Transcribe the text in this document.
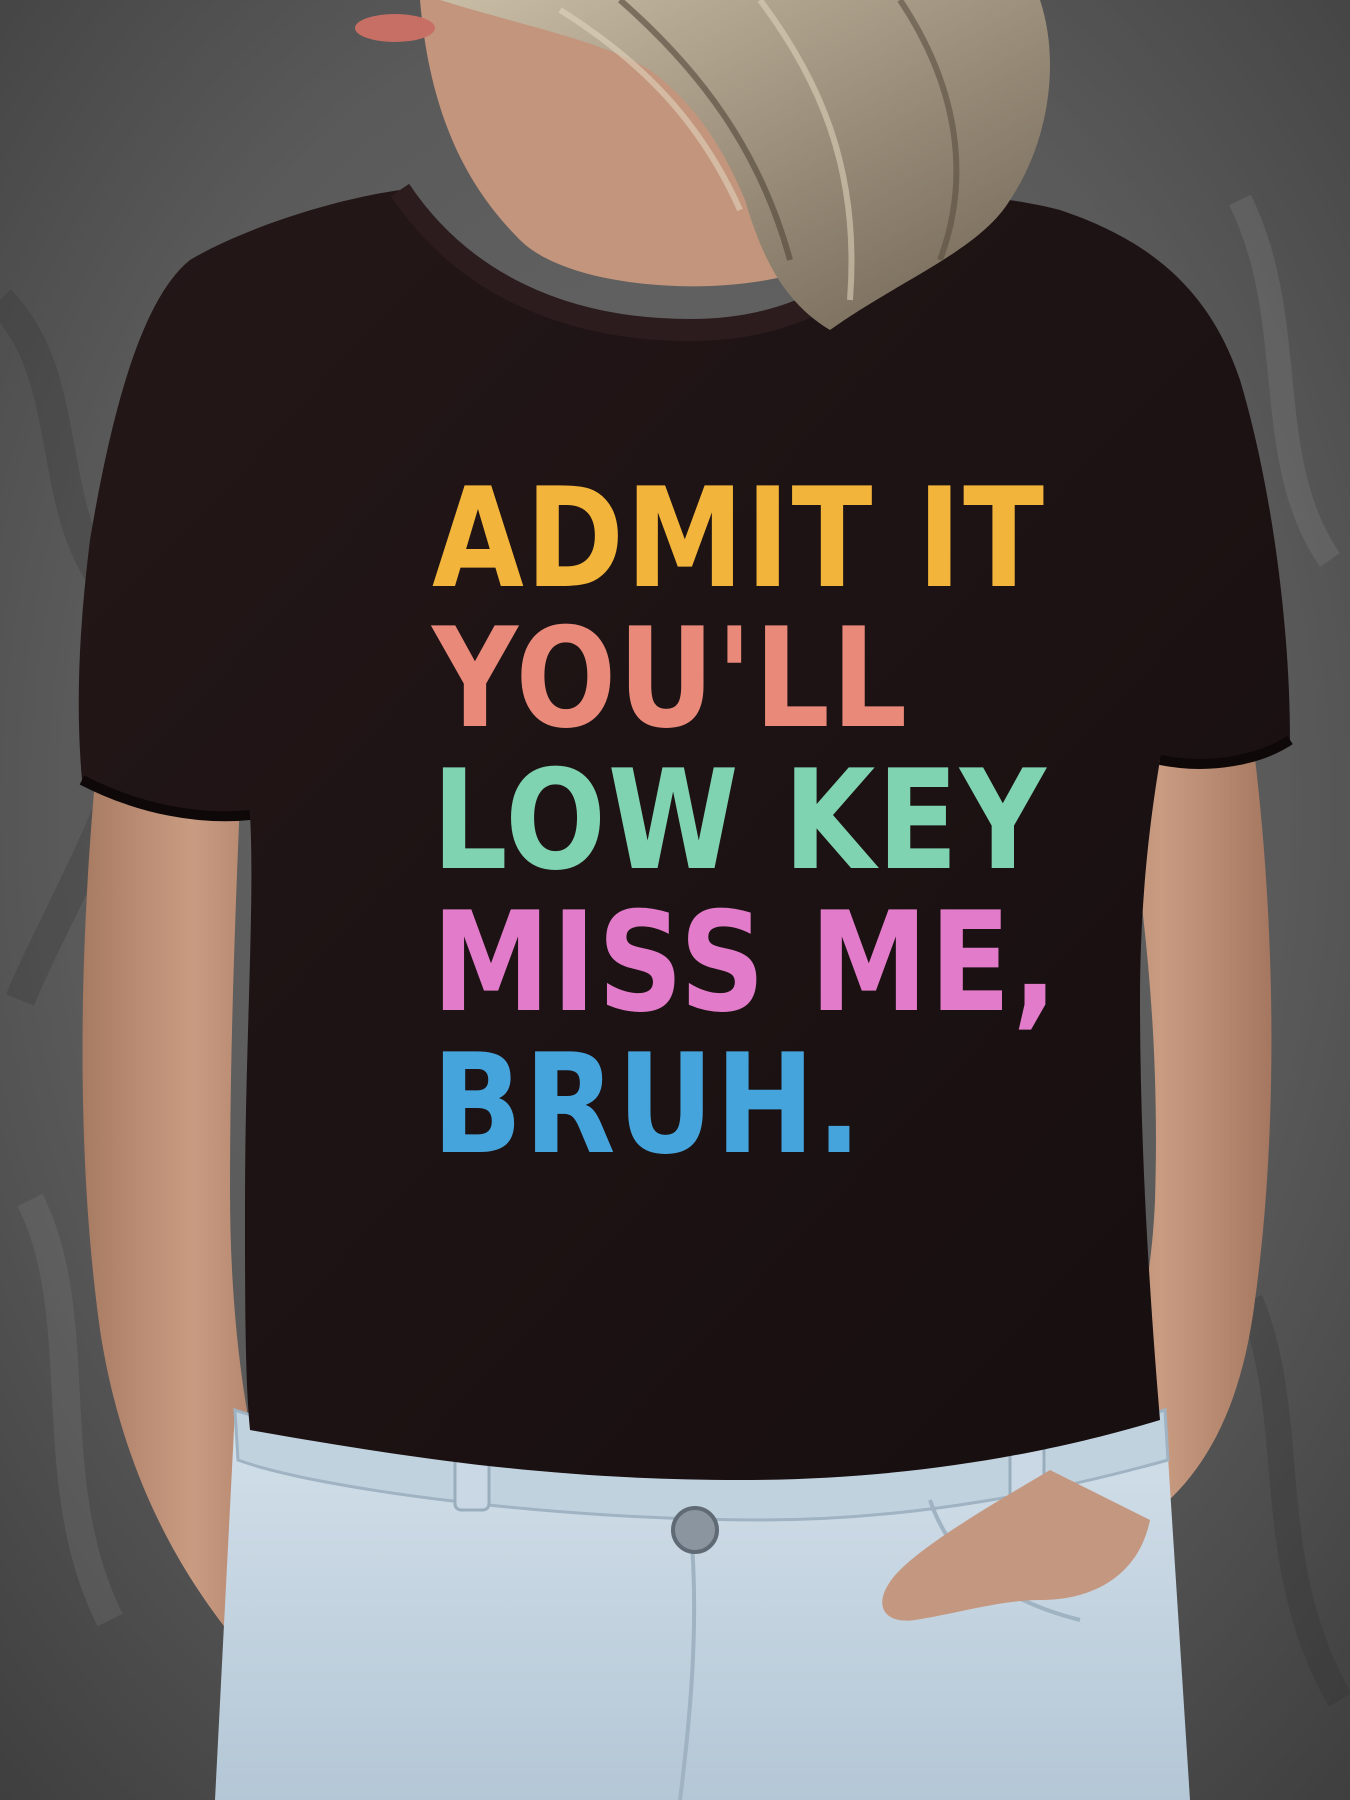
ADMIT IT
YOU'LL
LOW KEY
MISS ME,
BRUH.
